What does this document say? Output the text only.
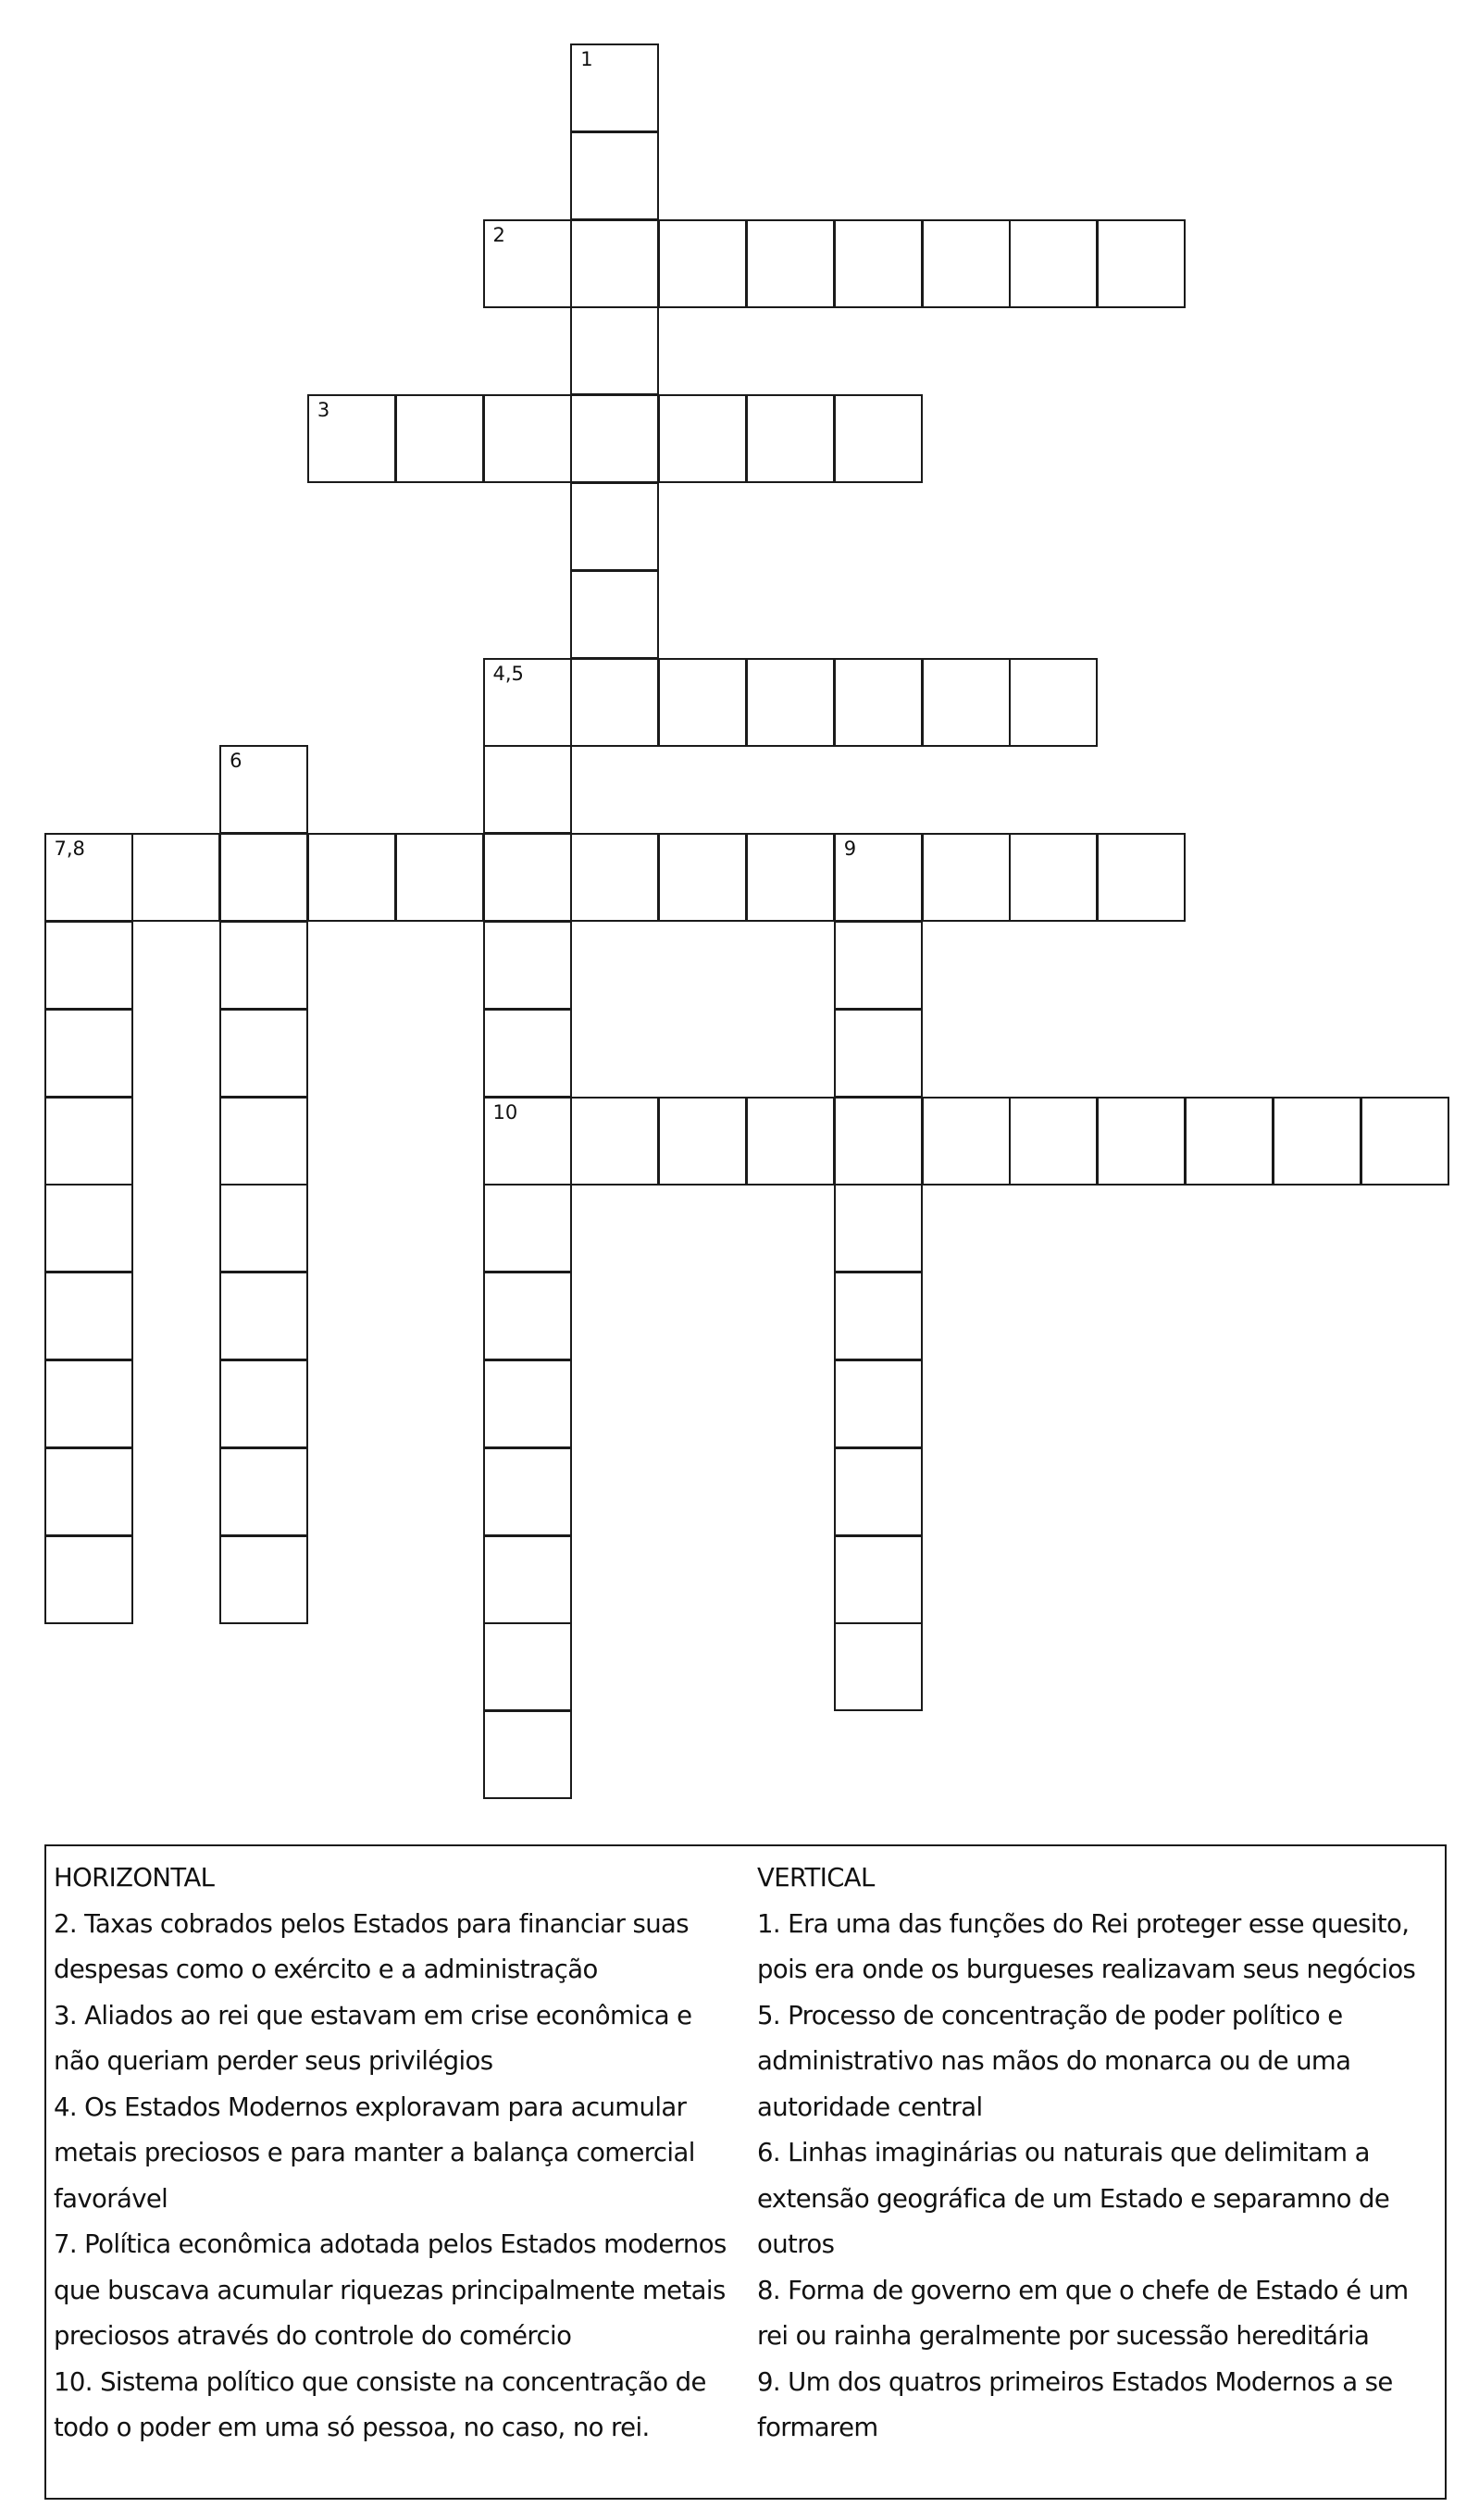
1
2
3
4,5
10
6
7,8	9
HORIZONTAL
2. Taxas cobrados pelos Estados para financiar suas
despesas como o exército e a administração
3. Aliados ao rei que estavam em crise econômica e
não queriam perder seus privilégios
4. Os Estados Modernos exploravam para acumular
metais preciosos e para manter a balança comercial
favorável
7. Política econômica adotada pelos Estados modernos
que buscava acumular riquezas principalmente metais
preciosos através do controle do comércio
10. Sistema político que consiste na concentração de
todo o poder em uma só pessoa, no caso, no rei.
VERTICAL
1. Era uma das funções do Rei proteger esse quesito,
pois era onde os burgueses realizavam seus negócios
5. Processo de concentração de poder político e
administrativo nas mãos do monarca ou de uma
autoridade central
6. Linhas imaginárias ou naturais que delimitam a
extensão geográfica de um Estado e separamno de
outros
8. Forma de governo em que o chefe de Estado é um
rei ou rainha geralmente por sucessão hereditária
9. Um dos quatros primeiros Estados Modernos a se
formarem
